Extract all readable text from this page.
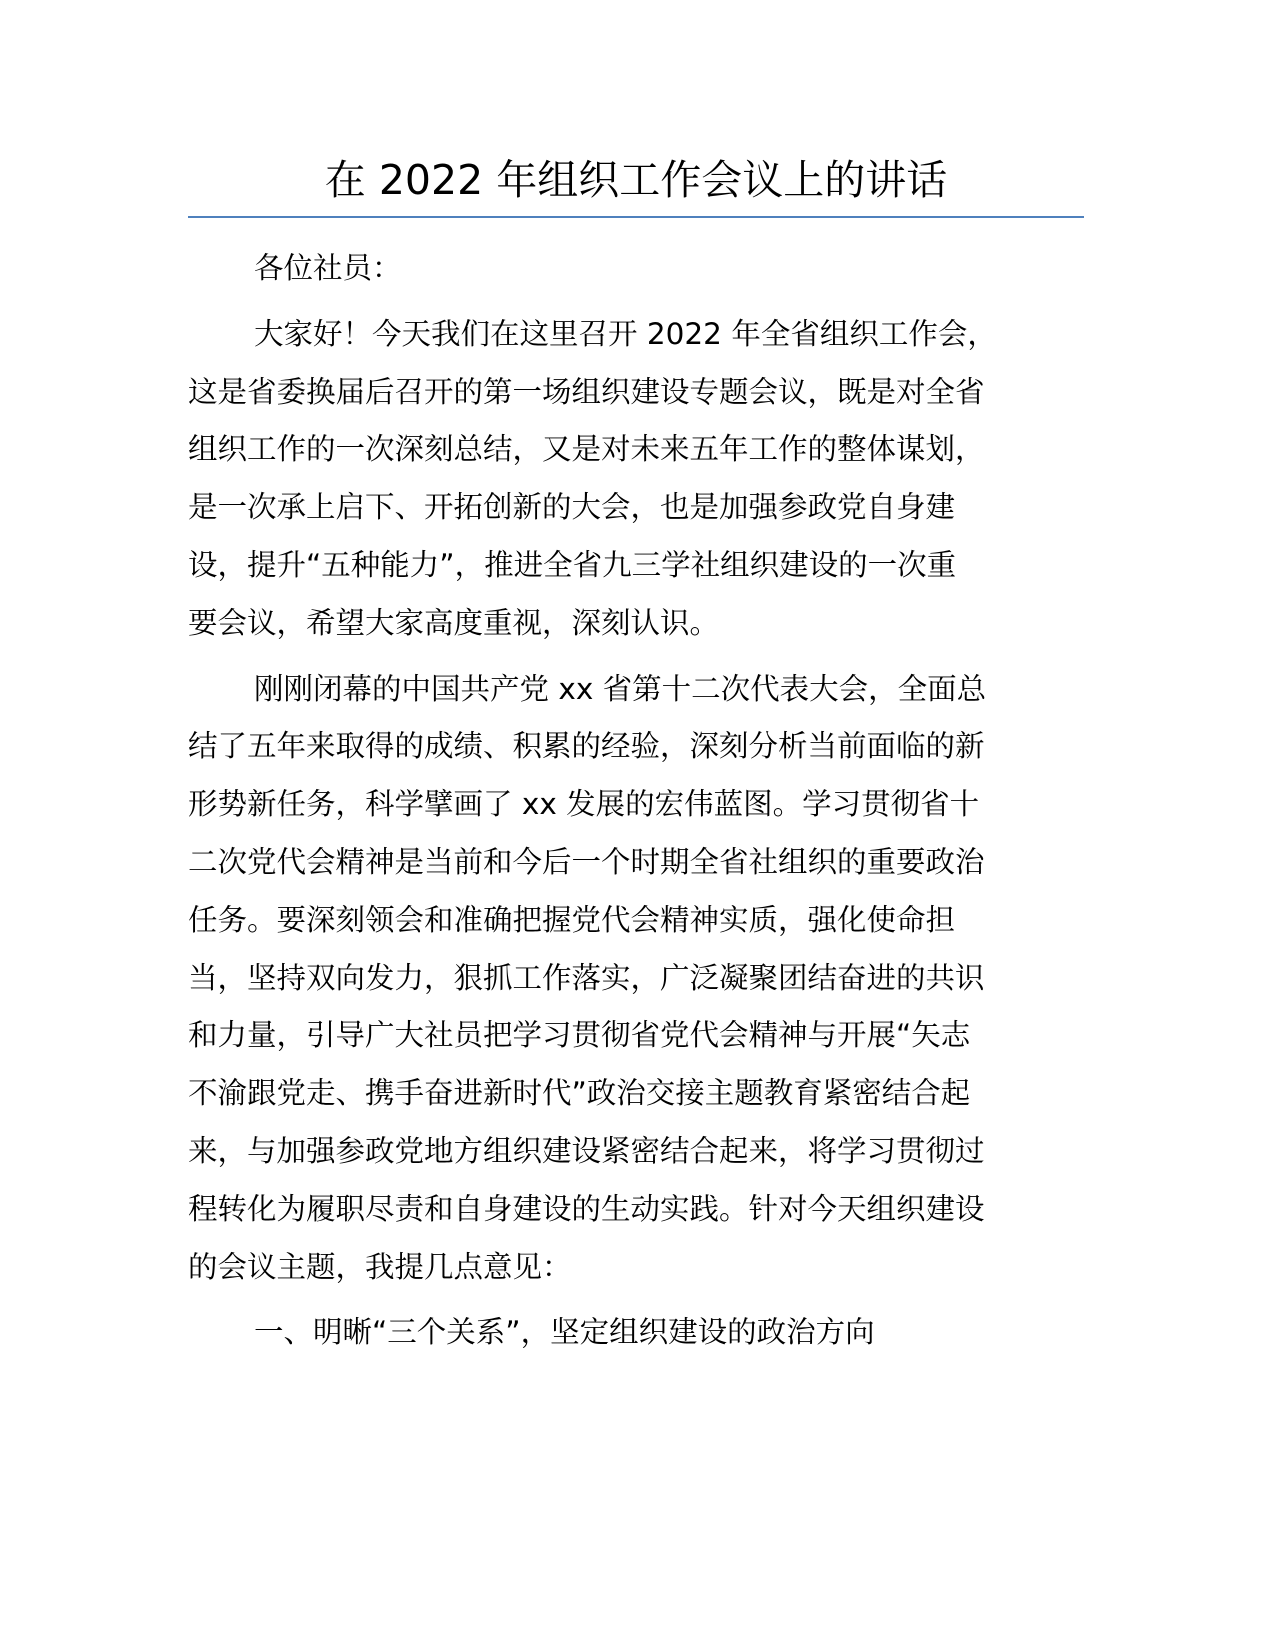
在 2022 年组织工作会议上的讲话

各位社员：

大家好！今天我们在这里召开 2022 年全省组织工作会，

这是省委换届后召开的第一场组织建设专题会议，既是对全省

组织工作的一次深刻总结，又是对未来五年工作的整体谋划，

是一次承上启下、开拓创新的大会，也是加强参政党自身建

设，提升“五种能力”，推进全省九三学社组织建设的一次重

要会议，希望大家高度重视，深刻认识。

刚刚闭幕的中国共产党 xx 省第十二次代表大会，全面总

结了五年来取得的成绩、积累的经验，深刻分析当前面临的新

形势新任务，科学擘画了 xx 发展的宏伟蓝图。学习贯彻省十

二次党代会精神是当前和今后一个时期全省社组织的重要政治

任务。要深刻领会和准确把握党代会精神实质，强化使命担

当，坚持双向发力，狠抓工作落实，广泛凝聚团结奋进的共识

和力量，引导广大社员把学习贯彻省党代会精神与开展“矢志

不渝跟党走、携手奋进新时代”政治交接主题教育紧密结合起

来，与加强参政党地方组织建设紧密结合起来，将学习贯彻过

程转化为履职尽责和自身建设的生动实践。针对今天组织建设

的会议主题，我提几点意见：

一、明晰“三个关系”，坚定组织建设的政治方向
